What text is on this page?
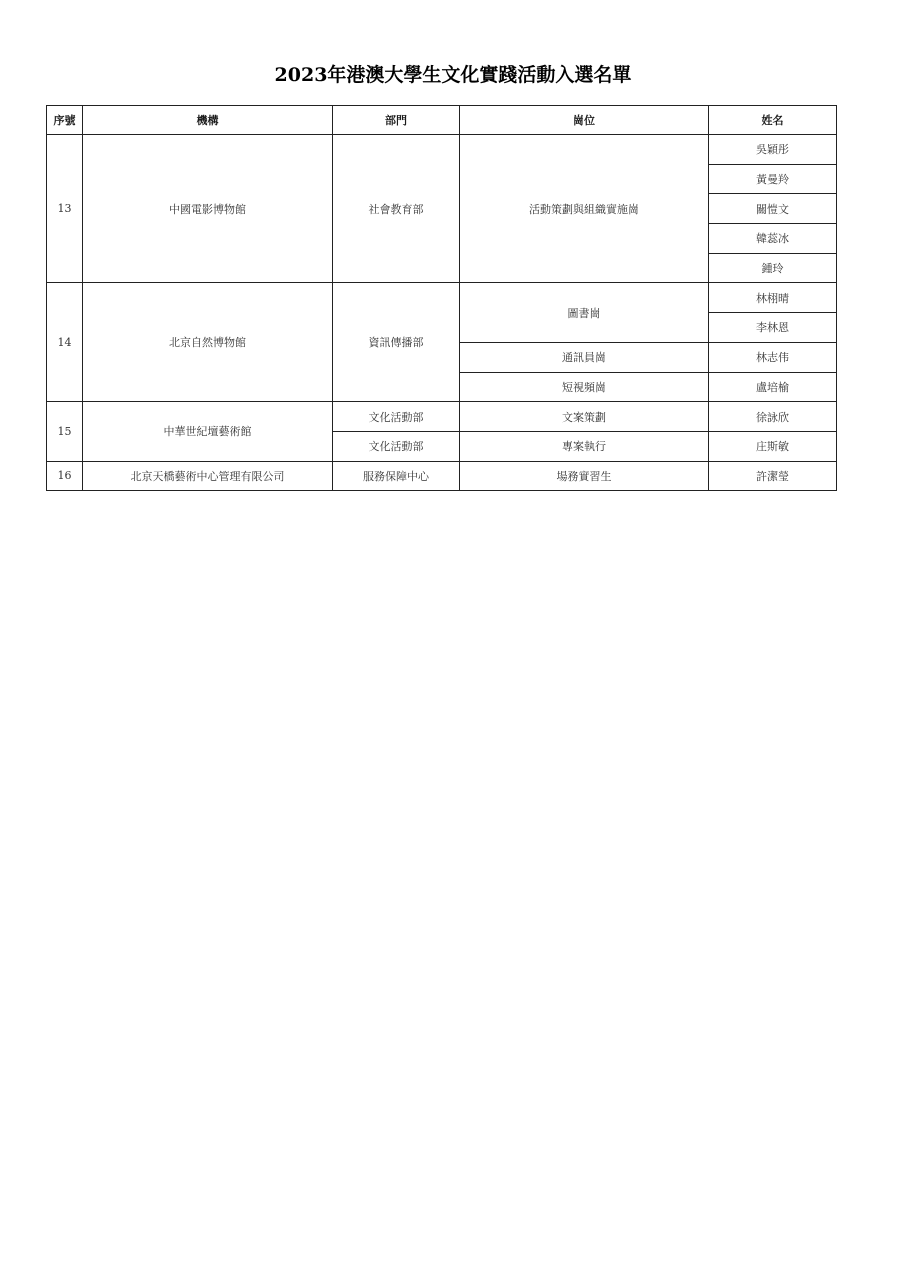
2023年港澳大學生文化實踐活動入選名單
序號	機構	部門	崗位	姓名
13	中國電影博物館	社會教育部	活動策劃與組織實施崗	吳穎彤
				黃曼羚
				關愷文
				韓蕊冰
				鍾玲
14	北京自然博物館	資訊傳播部	圖書崗	林栩晴
				李林恩
			通訊員崗	林志伟
			短視頻崗	盧培榆
15	中華世紀壇藝術館	文化活動部	文案策劃	徐詠欣
		文化活動部	專案執行	庄斯敏
16	北京天橋藝術中心管理有限公司	服務保障中心	場務實習生	許潔瑩
